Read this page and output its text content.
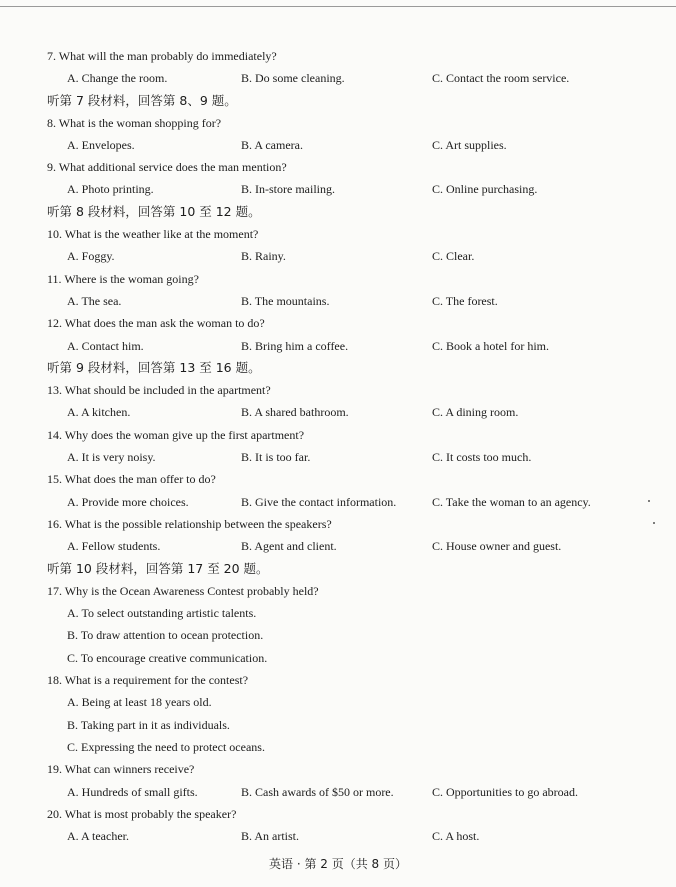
7. What will the man probably do immediately?
A. Change the room.	B. Do some cleaning.	C. Contact the room service.
听第 7 段材料，回答第 8、9 题。
8. What is the woman shopping for?
A. Envelopes.	B. A camera.	C. Art supplies.
9. What additional service does the man mention?
A. Photo printing.	B. In-store mailing.	C. Online purchasing.
听第 8 段材料，回答第 10 至 12 题。
10. What is the weather like at the moment?
A. Foggy.	B. Rainy.	C. Clear.
11. Where is the woman going?
A. The sea.	B. The mountains.	C. The forest.
12. What does the man ask the woman to do?
A. Contact him.	B. Bring him a coffee.	C. Book a hotel for him.
听第 9 段材料，回答第 13 至 16 题。
13. What should be included in the apartment?
A. A kitchen.	B. A shared bathroom.	C. A dining room.
14. Why does the woman give up the first apartment?
A. It is very noisy.	B. It is too far.	C. It costs too much.
15. What does the man offer to do?
A. Provide more choices.	B. Give the contact information.	C. Take the woman to an agency.
16. What is the possible relationship between the speakers?
A. Fellow students.	B. Agent and client.	C. House owner and guest.
听第 10 段材料，回答第 17 至 20 题。
17. Why is the Ocean Awareness Contest probably held?
A. To select outstanding artistic talents.
B. To draw attention to ocean protection.
C. To encourage creative communication.
18. What is a requirement for the contest?
A. Being at least 18 years old.
B. Taking part in it as individuals.
C. Expressing the need to protect oceans.
19. What can winners receive?
A. Hundreds of small gifts.	B. Cash awards of $50 or more.	C. Opportunities to go abroad.
20. What is most probably the speaker?
A. A teacher.	B. An artist.	C. A host.
英语 · 第 2 页（共 8 页）
